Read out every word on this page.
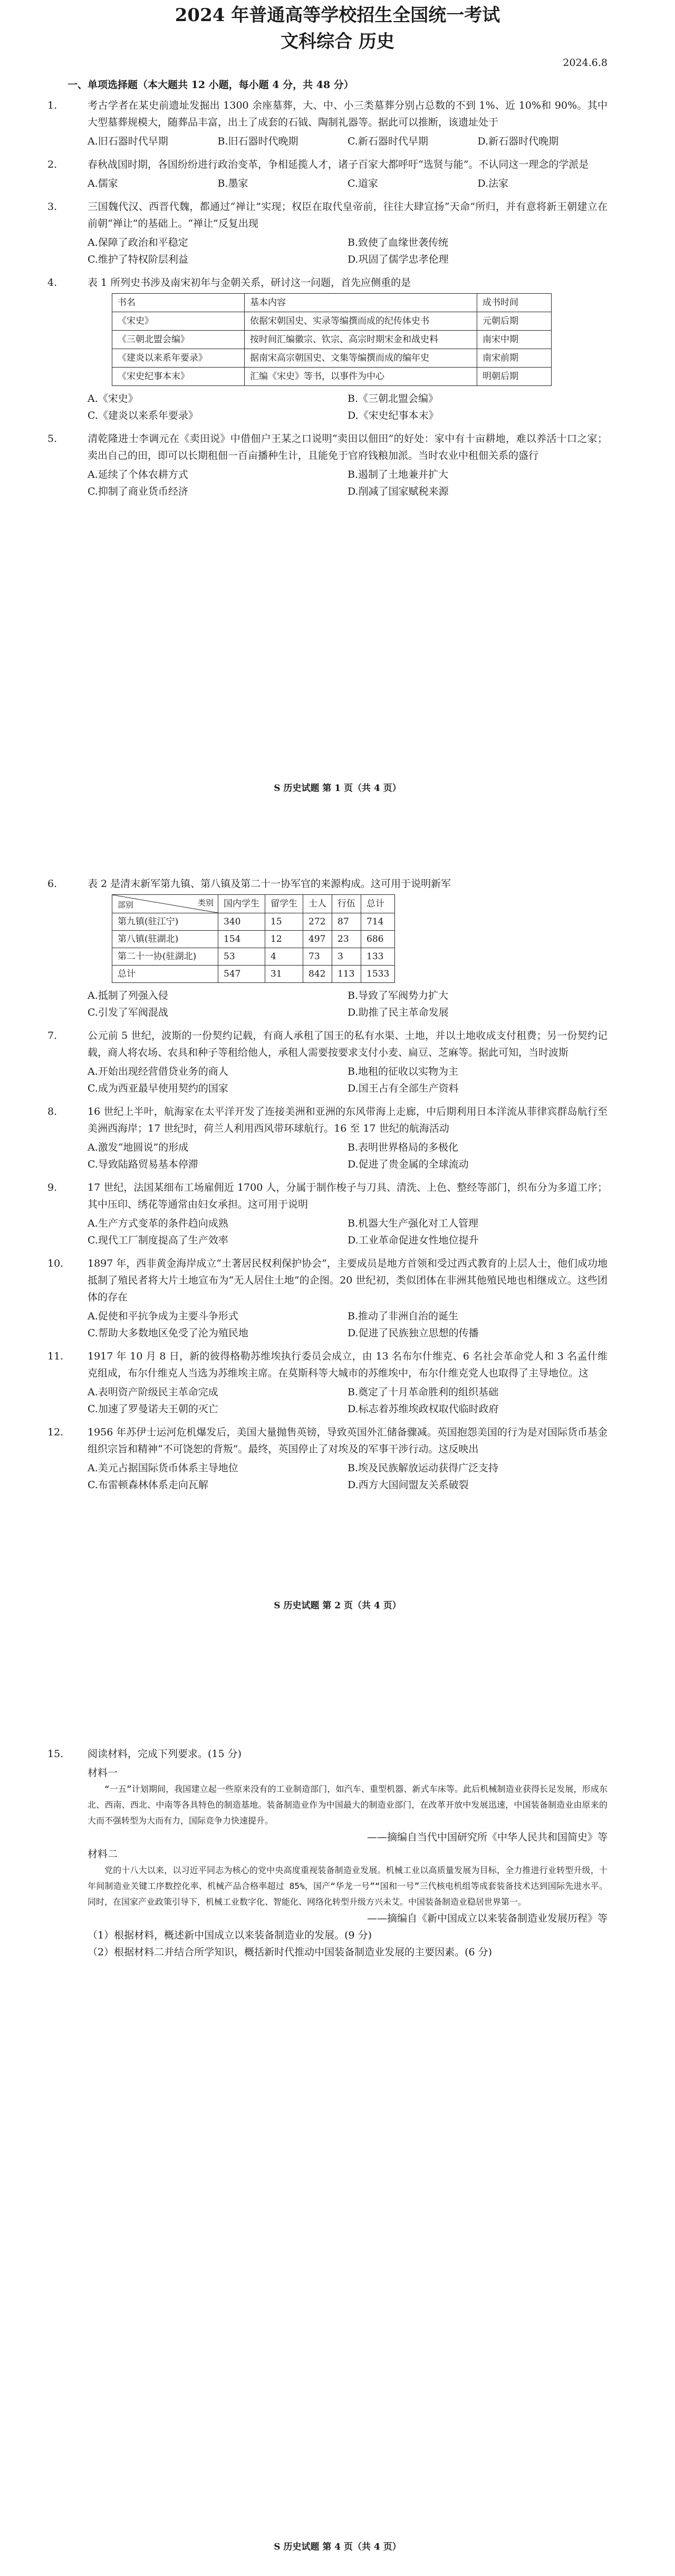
2024 年普通高等学校招生全国统一考试
文科综合 历史
2024.6.8
一、单项选择题（本大题共 12 小题，每小题 4 分，共 48 分）
1.	考古学者在某史前遗址发掘出 1300 余座墓葬，大、中、小三类墓葬分别占总数的不到 1%、近 10%和 90%。其中大型墓葬规模大，随葬品丰富，出土了成套的石钺、陶制礼器等。据此可以推断，该遗址处于
A.旧石器时代早期	B.旧石器时代晚期	C.新石器时代早期	D.新石器时代晚期
2.	春秋战国时期，各国纷纷进行政治变革，争相延揽人才，诸子百家大都呼吁“选贤与能”。不认同这一理念的学派是
A.儒家	B.墨家	C.道家	D.法家
3.	三国魏代汉、西晋代魏，都通过“禅让”实现；权臣在取代皇帝前，往往大肆宣扬“天命”所归，并有意将新王朝建立在前朝“禅让”的基础上。“禅让”反复出现
A.保障了政治和平稳定	B.致使了血缘世袭传统
C.维护了特权阶层利益	D.巩固了儒学忠孝伦理
4.	表 1 所列史书涉及南宋初年与金朝关系，研讨这一问题，首先应侧重的是
书名	基本内容	成书时间
《宋史》	依据宋朝国史、实录等编撰而成的纪传体史书	元朝后期
《三朝北盟会编》	按时间汇编徽宗、钦宗、高宗时期宋金和战史料	南宋中期
《建炎以来系年要录》	据南宋高宗朝国史、文集等编撰而成的编年史	南宋前期
《宋史纪事本末》	汇编《宋史》等书，以事件为中心	明朝后期
A.《宋史》	B.《三朝北盟会编》
C.《建炎以来系年要录》	D.《宋史纪事本末》
5.	清乾隆进士李调元在《卖田说》中借佃户王某之口说明“卖田以佃田”的好处：家中有十亩耕地，难以养活十口之家；卖出自己的田，即可以长期租佃一百亩播种生计，且能免于官府钱粮加派。当时农业中租佃关系的盛行
A.延续了个体农耕方式	B.遏制了土地兼并扩大
C.抑制了商业货币经济	D.削减了国家赋税来源
S 历史试题 第 1 页（共 4 页）
6.	表 2 是清末新军第九镇、第八镇及第二十一协军官的来源构成。这可用于说明新军
类别
部别	国内学生	留学生	士人	行伍	总计
第九镇(驻江宁)	340	15	272	87	714
第八镇(驻湖北)	154	12	497	23	686
第二十一协(驻湖北)	53	4	73	3	133
总计	547	31	842	113	1533
A.抵制了列强入侵	B.导致了军阀势力扩大
C.引发了军阀混战	D.助推了民主革命发展
7.	公元前 5 世纪，波斯的一份契约记载，有商人承租了国王的私有水渠、土地，并以土地收成支付租费；另一份契约记载，商人将农场、农具和种子等租给他人，承租人需要按要求支付小麦、扁豆、芝麻等。据此可知，当时波斯
A.开始出现经营借贷业务的商人	B.地租的征收以实物为主
C.成为西亚最早使用契约的国家	D.国王占有全部生产资料
8.	16 世纪上半叶，航海家在太平洋开发了连接美洲和亚洲的东风带海上走廊，中后期利用日本洋流从菲律宾群岛航行至美洲西海岸；17 世纪时，荷兰人利用西风带环球航行。16 至 17 世纪的航海活动
A.激发“地圆说”的形成	B.表明世界格局的多极化
C.导致陆路贸易基本停滞	D.促进了贵金属的全球流动
9.	17 世纪，法国某细布工场雇佣近 1700 人，分属于制作梭子与刀具、清洗、上色、整经等部门，织布分为多道工序；其中压印、绣花等通常由妇女承担。这可用于说明
A.生产方式变革的条件趋向成熟	B.机器大生产强化对工人管理
C.现代工厂制度提高了生产效率	D.工业革命促进女性地位提升
10. 1897 年，西非黄金海岸成立“土著居民权利保护协会”，主要成员是地方首领和受过西式教育的上层人士，他们成功地抵制了殖民者将大片土地宣布为“无人居住土地”的企图。20 世纪初，类似团体在非洲其他殖民地也相继成立。这些团体的存在
A.促使和平抗争成为主要斗争形式	B.推动了非洲自治的诞生
C.帮助大多数地区免受了沦为殖民地	D.促进了民族独立思想的传播
11. 1917 年 10 月 8 日，新的彼得格勒苏维埃执行委员会成立，由 13 名布尔什维克、6 名社会革命党人和 3 名孟什维克组成，布尔什维克人当选为苏维埃主席。在莫斯科等大城市的苏维埃中，布尔什维克党人也取得了主导地位。这
A.表明资产阶级民主革命完成	B.奠定了十月革命胜利的组织基础
C.加速了罗曼诺夫王朝的灭亡	D.标志着苏维埃政权取代临时政府
12. 1956 年苏伊士运河危机爆发后，美国大量抛售英镑，导致英国外汇储备骤减。英国抱怨美国的行为是对国际货币基金组织宗旨和精神“不可饶恕的背叛”。最终，英国停止了对埃及的军事干涉行动。这反映出
A.美元占据国际货币体系主导地位	B.埃及民族解放运动获得广泛支持
C.布雷顿森林体系走向瓦解	D.西方大国间盟友关系破裂
S 历史试题 第 2 页（共 4 页）
15. 阅读材料，完成下列要求。(15 分)

材料一

“一五”计划期间，我国建立起一些原来没有的工业制造部门，如汽车、重型机器、新式车床等。此后机械制造业获得长足发展，形成东北、西南、西北、中南等各具特色的制造基地。装备制造业作为中国最大的制造业部门，在改革开放中发展迅速，中国装备制造业由原来的大而不强转型为大而有力，国际竞争力快速提升。

——摘编自当代中国研究所《中华人民共和国简史》等

材料二

党的十八大以来，以习近平同志为核心的党中央高度重视装备制造业发展。机械工业以高质量发展为目标，全力推进行业转型升级，十年间制造业关键工序数控化率、机械产品合格率超过 85%，国产“华龙一号”“国和一号”三代核电机组等成套装备技术达到国际先进水平。同时，在国家产业政策引导下，机械工业数字化、智能化、网络化转型升级方兴未艾。中国装备制造业稳居世界第一。

——摘编自《新中国成立以来装备制造业发展历程》等

（1）根据材料，概述新中国成立以来装备制造业的发展。(9 分)

（2）根据材料二并结合所学知识，概括新时代推动中国装备制造业发展的主要因素。(6 分)

S 历史试题 第 4 页（共 4 页）
